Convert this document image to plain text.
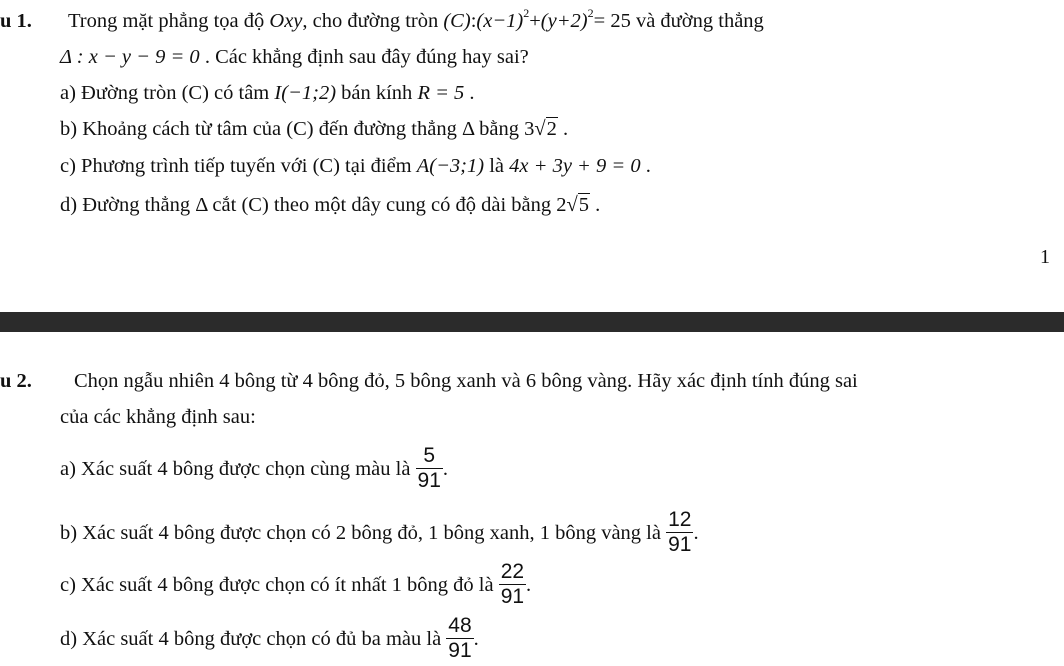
u 1. Trong mặt phẳng tọa độ Oxy, cho đường tròn $(C):(x-1)^2+(y+2)^2= 25$ và đường thẳng
Δ : x − y − 9 = 0 . Các khẳng định sau đây đúng hay sai?
a) Đường tròn (C) có tâm I(−1;2) bán kính R = 5 .
b) Khoảng cách từ tâm của (C) đến đường thẳng Δ bằng 3√2 .
c) Phương trình tiếp tuyến với (C) tại điểm A(−3;1) là 4x + 3y + 9 = 0 .
d) Đường thẳng Δ cắt (C) theo một dây cung có độ dài bằng 2√5 .
1
u 2. Chọn ngẫu nhiên 4 bông từ 4 bông đỏ, 5 bông xanh và 6 bông vàng. Hãy xác định tính đúng sai
của các khẳng định sau:
a) Xác suất 4 bông được chọn cùng màu là $\frac{5}{91}$ .
b) Xác suất 4 bông được chọn có 2 bông đỏ, 1 bông xanh, 1 bông vàng là $\frac{12}{91}$ .
c) Xác suất 4 bông được chọn có ít nhất 1 bông đỏ là $\frac{22}{91}$ .
d) Xác suất 4 bông được chọn có đủ ba màu là $\frac{48}{91}$ .
